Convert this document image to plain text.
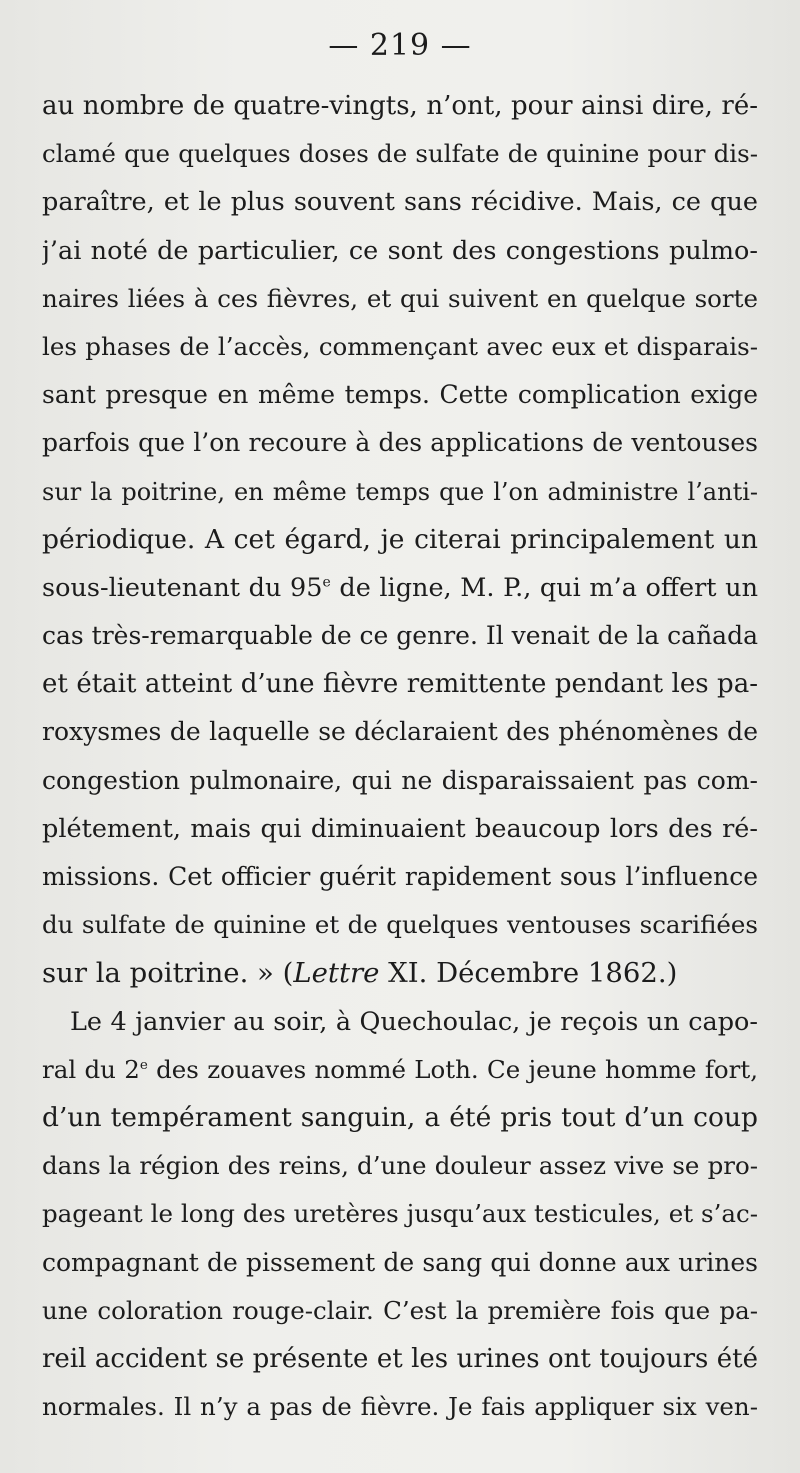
— 219 —
au nombre de quatre-vingts, n’ont, pour ainsi dire, ré-
clamé que quelques doses de sulfate de quinine pour dis-
paraître, et le plus souvent sans récidive. Mais, ce que
j’ai noté de particulier, ce sont des congestions pulmo-
naires liées à ces fièvres, et qui suivent en quelque sorte
les phases de l’accès, commençant avec eux et disparais-
sant presque en même temps. Cette complication exige
parfois que l’on recoure à des applications de ventouses
sur la poitrine, en même temps que l’on administre l’anti-
périodique. A cet égard, je citerai principalement un
sous-lieutenant du 95e de ligne, M. P., qui m’a offert un
cas très-remarquable de ce genre. Il venait de la cañada
et était atteint d’une fièvre remittente pendant les pa-
roxysmes de laquelle se déclaraient des phénomènes de
congestion pulmonaire, qui ne disparaissaient pas com-
plétement, mais qui diminuaient beaucoup lors des ré-
missions. Cet officier guérit rapidement sous l’influence
du sulfate de quinine et de quelques ventouses scarifiées
sur la poitrine. » (Lettre XI. Décembre 1862.)
Le 4 janvier au soir, à Quechoulac, je reçois un capo-
ral du 2e des zouaves nommé Loth. Ce jeune homme fort,
d’un tempérament sanguin, a été pris tout d’un coup
dans la région des reins, d’une douleur assez vive se pro-
pageant le long des uretères jusqu’aux testicules, et s’ac-
compagnant de pissement de sang qui donne aux urines
une coloration rouge-clair. C’est la première fois que pa-
reil accident se présente et les urines ont toujours été
normales. Il n’y a pas de fièvre. Je fais appliquer six ven-
